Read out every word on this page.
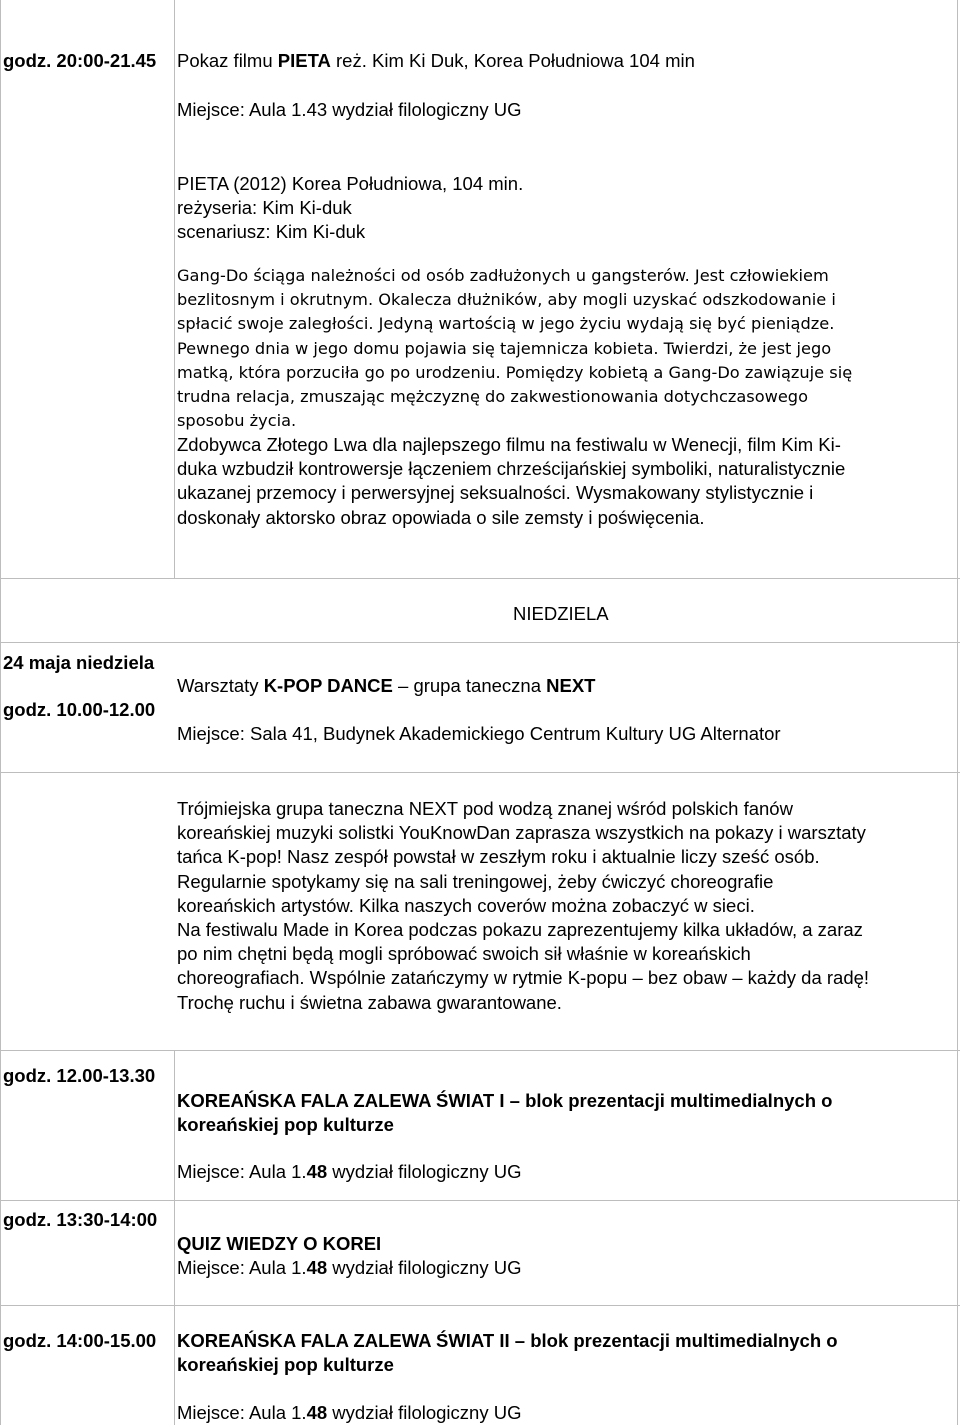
godz. 20:00-21.45 Pokaz filmu PIETA reż. Kim Ki Duk, Korea Południowa 104 min
Miejsce: Aula 1.43 wydział filologiczny UG
PIETA (2012) Korea Południowa, 104 min.
reżyseria: Kim Ki-duk
scenariusz: Kim Ki-duk
Gang-Do ściąga należności od osób zadłużonych u gangsterów. Jest człowiekiem
bezlitosnym i okrutnym. Okalecza dłużników, aby mogli uzyskać odszkodowanie i
spłacić swoje zaległości. Jedyną wartością w jego życiu wydają się być pieniądze.
Pewnego dnia w jego domu pojawia się tajemnicza kobieta. Twierdzi, że jest jego
matką, która porzuciła go po urodzeniu. Pomiędzy kobietą a Gang-Do zawiązuje się
trudna relacja, zmuszając mężczyznę do zakwestionowania dotychczasowego
sposobu życia.
Zdobywca Złotego Lwa dla najlepszego filmu na festiwalu w Wenecji, film Kim Ki-
duka wzbudził kontrowersje łączeniem chrześcijańskiej symboliki, naturalistycznie
ukazanej przemocy i perwersyjnej seksualności. Wysmakowany stylistycznie i
doskonały aktorsko obraz opowiada o sile zemsty i poświęcenia.
NIEDZIELA
24 maja niedziela
godz. 10.00-12.00
Warsztaty K-POP DANCE – grupa taneczna NEXT
Miejsce: Sala 41, Budynek Akademickiego Centrum Kultury UG Alternator
Trójmiejska grupa taneczna NEXT pod wodzą znanej wśród polskich fanów
koreańskiej muzyki solistki YouKnowDan zaprasza wszystkich na pokazy i warsztaty
tańca K-pop! Nasz zespół powstał w zeszłym roku i aktualnie liczy sześć osób.
Regularnie spotykamy się na sali treningowej, żeby ćwiczyć choreografie
koreańskich artystów. Kilka naszych coverów można zobaczyć w sieci.
Na festiwalu Made in Korea podczas pokazu zaprezentujemy kilka układów, a zaraz
po nim chętni będą mogli spróbować swoich sił właśnie w koreańskich
choreografiach. Wspólnie zatańczymy w rytmie K-popu – bez obaw – każdy da radę!
Trochę ruchu i świetna zabawa gwarantowane.
godz. 12.00-13.30
KOREAŃSKA FALA ZALEWA ŚWIAT I – blok prezentacji multimedialnych o
koreańskiej pop kulturze
Miejsce: Aula 1.48 wydział filologiczny UG
godz. 13:30-14:00
QUIZ WIEDZY O KOREI
Miejsce: Aula 1.48 wydział filologiczny UG
godz. 14:00-15.00 KOREAŃSKA FALA ZALEWA ŚWIAT II – blok prezentacji multimedialnych o
koreańskiej pop kulturze
Miejsce: Aula 1.48 wydział filologiczny UG
